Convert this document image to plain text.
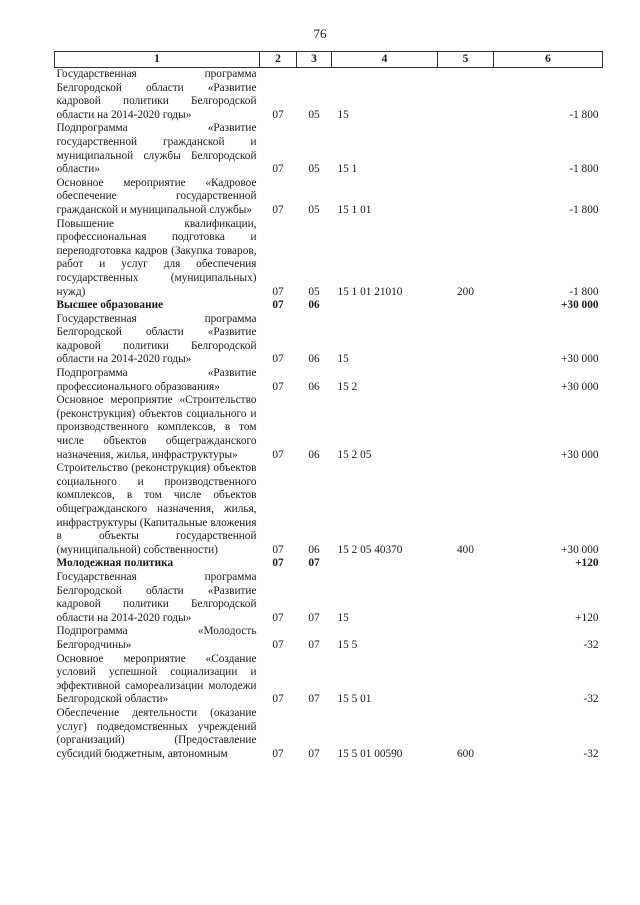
76
1	2	3	4	5	6
Государственная программа Белгородской области «Развитие кадровой политики Белгородской области на 2014-2020 годы»	07	05	15		-1 800
Подпрограмма «Развитие государственной гражданской и муниципальной службы Белгородской области»	07	05	15 1		-1 800
Основное мероприятие «Кадровое обеспечение государственной гражданской и муниципальной службы»	07	05	15 1 01		-1 800
Повышение квалификации, профессиональная подготовка и переподготовка кадров (Закупка товаров, работ и услуг для обеспечения государственных (муниципальных) нужд)	07	05	15 1 01 21010	200	-1 800
Высшее образование	07	06			+30 000
Государственная программа Белгородской области «Развитие кадровой политики Белгородской области на 2014-2020 годы»	07	06	15		+30 000
Подпрограмма «Развитие профессионального образования»	07	06	15 2		+30 000
Основное мероприятие «Строительство (реконструкция) объектов социального и производственного комплексов, в том числе объектов общегражданского назначения, жилья, инфраструктуры»	07	06	15 2 05		+30 000
Строительство (реконструкция) объектов социального и производственного комплексов, в том числе объектов общегражданского назначения, жилья, инфраструктуры (Капитальные вложения в объекты государственной (муниципальной) собственности)	07	06	15 2 05 40370	400	+30 000
Молодежная политика	07	07			+120
Государственная программа Белгородской области «Развитие кадровой политики Белгородской области на 2014-2020 годы»	07	07	15		+120
Подпрограмма «Молодость Белгородчины»	07	07	15 5		-32
Основное мероприятие «Создание условий успешной социализации и эффективной самореализации молодежи Белгородской области»	07	07	15 5 01		-32
Обеспечение деятельности (оказание услуг) подведомственных учреждений (организаций) (Предоставление субсидий бюджетным, автономным	07	07	15 5 01 00590	600	-32
